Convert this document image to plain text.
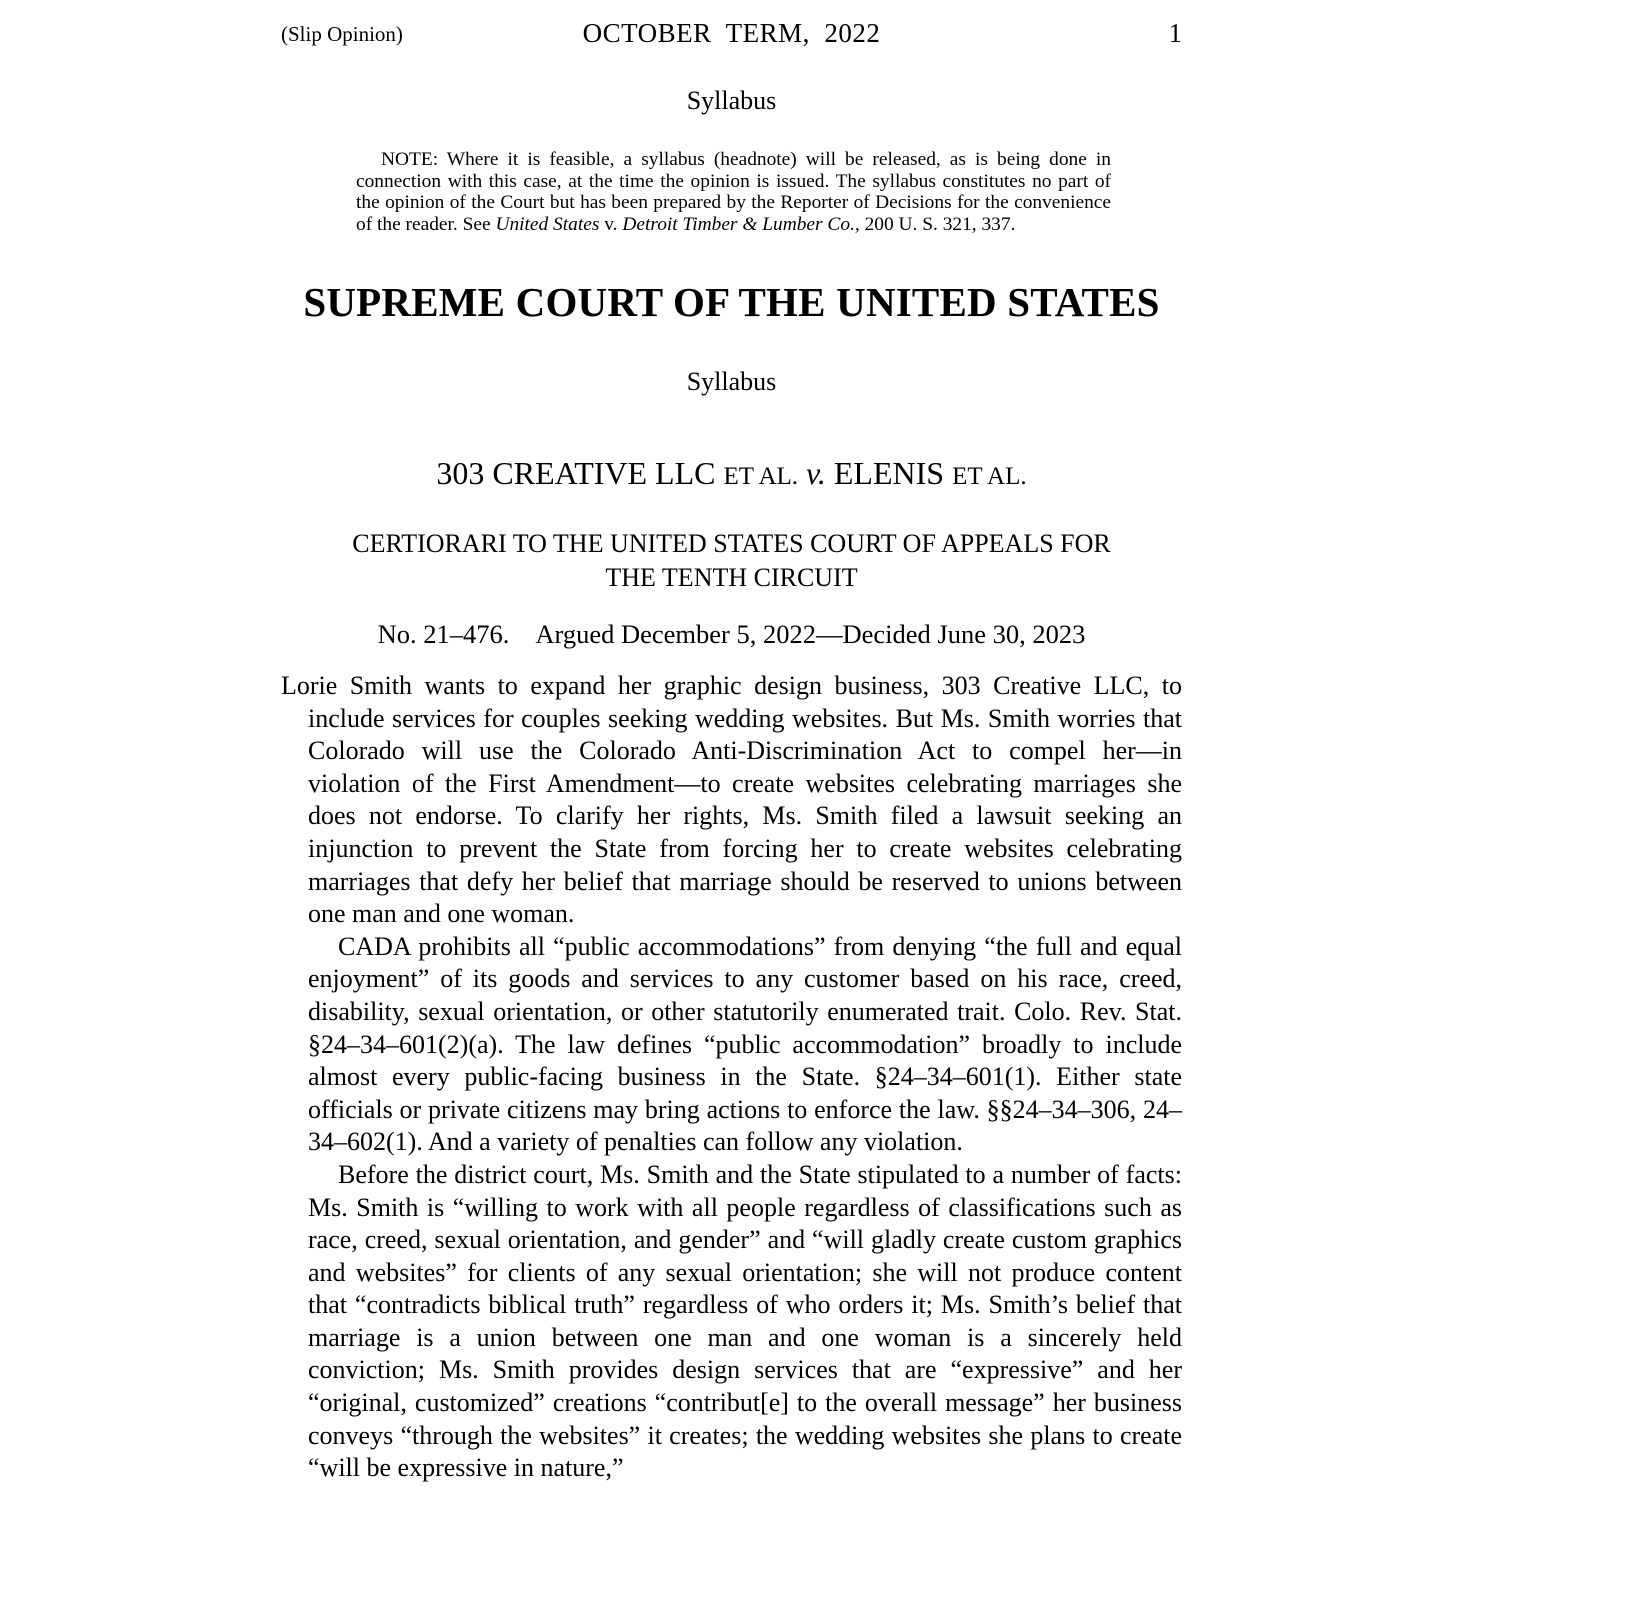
(Slip Opinion)	OCTOBER  TERM,  2022	1
Syllabus
NOTE: Where it is feasible, a syllabus (headnote) will be released, as is being done in connection with this case, at the time the opinion is issued. The syllabus constitutes no part of the opinion of the Court but has been prepared by the Reporter of Decisions for the convenience of the reader. See United States v. Detroit Timber & Lumber Co., 200 U. S. 321, 337.
SUPREME COURT OF THE UNITED STATES
Syllabus
303 CREATIVE LLC ET AL. v. ELENIS ET AL.
CERTIORARI TO THE UNITED STATES COURT OF APPEALS FOR
THE TENTH CIRCUIT
No. 21–476. Argued December 5, 2022—Decided June 30, 2023

Lorie Smith wants to expand her graphic design business, 303 Creative LLC, to include services for couples seeking wedding websites. But Ms. Smith worries that Colorado will use the Colorado Anti-Discrimination Act to compel her—in violation of the First Amendment—to create websites celebrating marriages she does not endorse. To clarify her rights, Ms. Smith filed a lawsuit seeking an injunction to prevent the State from forcing her to create websites celebrating marriages that defy her belief that marriage should be reserved to unions between one man and one woman.

CADA prohibits all “public accommodations” from denying “the full and equal enjoyment” of its goods and services to any customer based on his race, creed, disability, sexual orientation, or other statutorily enumerated trait. Colo. Rev. Stat. §24–34–601(2)(a). The law defines “public accommodation” broadly to include almost every public-facing business in the State. §24–34–601(1). Either state officials or private citizens may bring actions to enforce the law. §§24–34–306, 24–34–602(1). And a variety of penalties can follow any violation.

Before the district court, Ms. Smith and the State stipulated to a number of facts: Ms. Smith is “willing to work with all people regardless of classifications such as race, creed, sexual orientation, and gender” and “will gladly create custom graphics and websites” for clients of any sexual orientation; she will not produce content that “contradicts biblical truth” regardless of who orders it; Ms. Smith’s belief that marriage is a union between one man and one woman is a sincerely held conviction; Ms. Smith provides design services that are “expressive” and her “original, customized” creations “contribut[e] to the overall message” her business conveys “through the websites” it creates; the wedding websites she plans to create “will be expressive in nature,”
